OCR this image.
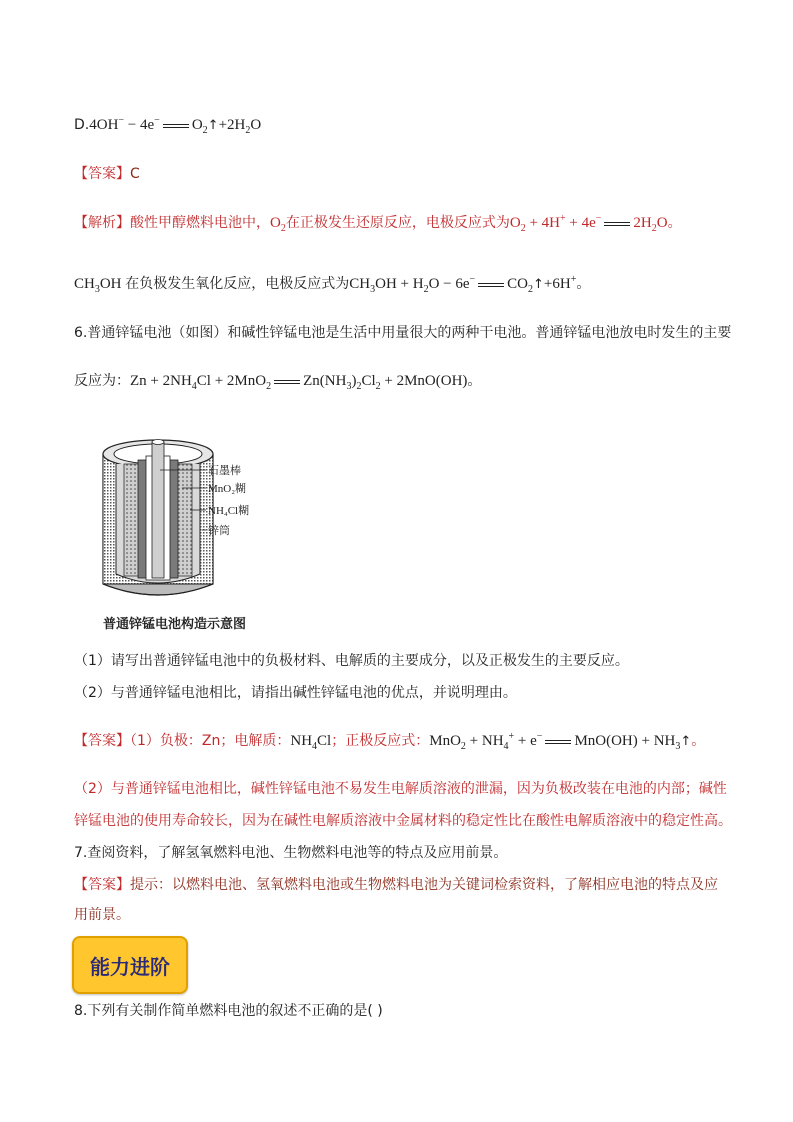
D.4OH− − 4e− $O_2↑+2H_2O$
【答案】C
【解析】酸性甲醇燃料电池中，$O_2$在正极发生还原反应，电极反应式为$O_2 + 4H^+ + 4e^-$ $2H_2O$。
$CH_3OH$ 在负极发生氧化反应，电极反应式为$CH_3OH + H_2O - 6e^-$ $CO_2↑+6H^+$。
6.普通锌锰电池（如图）和碱性锌锰电池是生活中用量很大的两种干电池。普通锌锰电池放电时发生的主要
反应为：$Zn + 2NH_4Cl + 2MnO_2$ $Zn(NH_3)_2Cl_2 + 2MnO(OH)$。
石墨棒
MnO₂糊
NH₄Cl糊
锌筒
普通锌锰电池构造示意图
（1）请写出普通锌锰电池中的负极材料、电解质的主要成分，以及正极发生的主要反应。
（2）与普通锌锰电池相比，请指出碱性锌锰电池的优点，并说明理由。
【答案】（1）负极：Zn；电解质：$NH_4Cl$；正极反应式：$MnO_2 + NH_4^+ + e^-$ $MnO(OH) + NH_3↑$。
（2）与普通锌锰电池相比，碱性锌锰电池不易发生电解质溶液的泄漏，因为负极改装在电池的内部；碱性
锌锰电池的使用寿命较长，因为在碱性电解质溶液中金属材料的稳定性比在酸性电解质溶液中的稳定性高。
7.查阅资料，了解氢氧燃料电池、生物燃料电池等的特点及应用前景。
【答案】提示：以燃料电池、氢氧燃料电池或生物燃料电池为关键词检索资料，了解相应电池的特点及应
用前景。
能力进阶
8.下列有关制作简单燃料电池的叙述不正确的是( )
